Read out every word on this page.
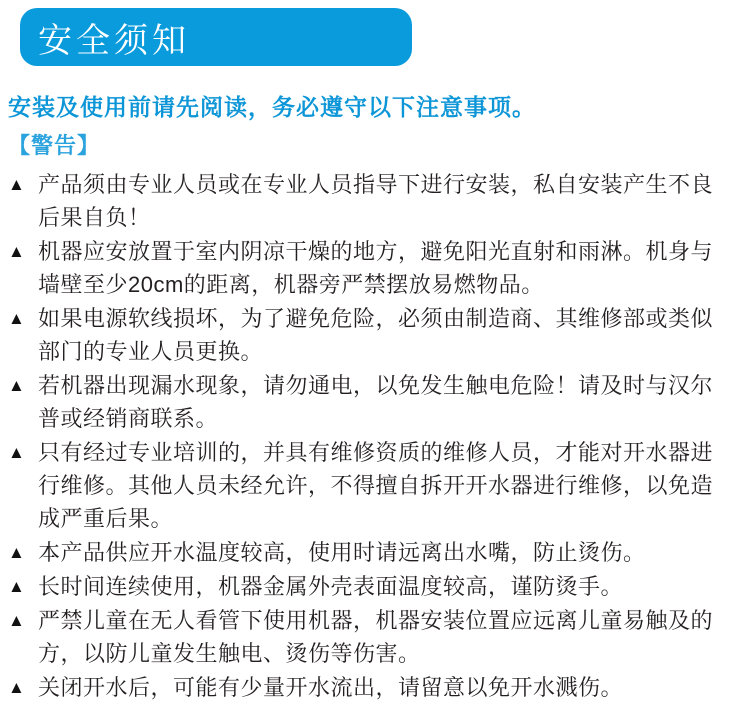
安全须知
安装及使用前请先阅读，务必遵守以下注意事项。
【警告】
▲ 产品须由专业人员或在专业人员指导下进行安装，私自安装产生不良后果自负！
▲ 机器应安放置于室内阴凉干燥的地方，避免阳光直射和雨淋。机身与墙壁至少20cm的距离，机器旁严禁摆放易燃物品。
▲ 如果电源软线损坏，为了避免危险，必须由制造商、其维修部或类似部门的专业人员更换。
▲ 若机器出现漏水现象，请勿通电，以免发生触电危险！请及时与汉尔普或经销商联系。
▲ 只有经过专业培训的，并具有维修资质的维修人员，才能对开水器进行维修。其他人员未经允许，不得擅自拆开开水器进行维修，以免造成严重后果。
▲ 本产品供应开水温度较高，使用时请远离出水嘴，防止烫伤。
▲ 长时间连续使用，机器金属外壳表面温度较高，谨防烫手。
▲ 严禁儿童在无人看管下使用机器，机器安装位置应远离儿童易触及的方，以防儿童发生触电、烫伤等伤害。
▲ 关闭开水后，可能有少量开水流出，请留意以免开水溅伤。
